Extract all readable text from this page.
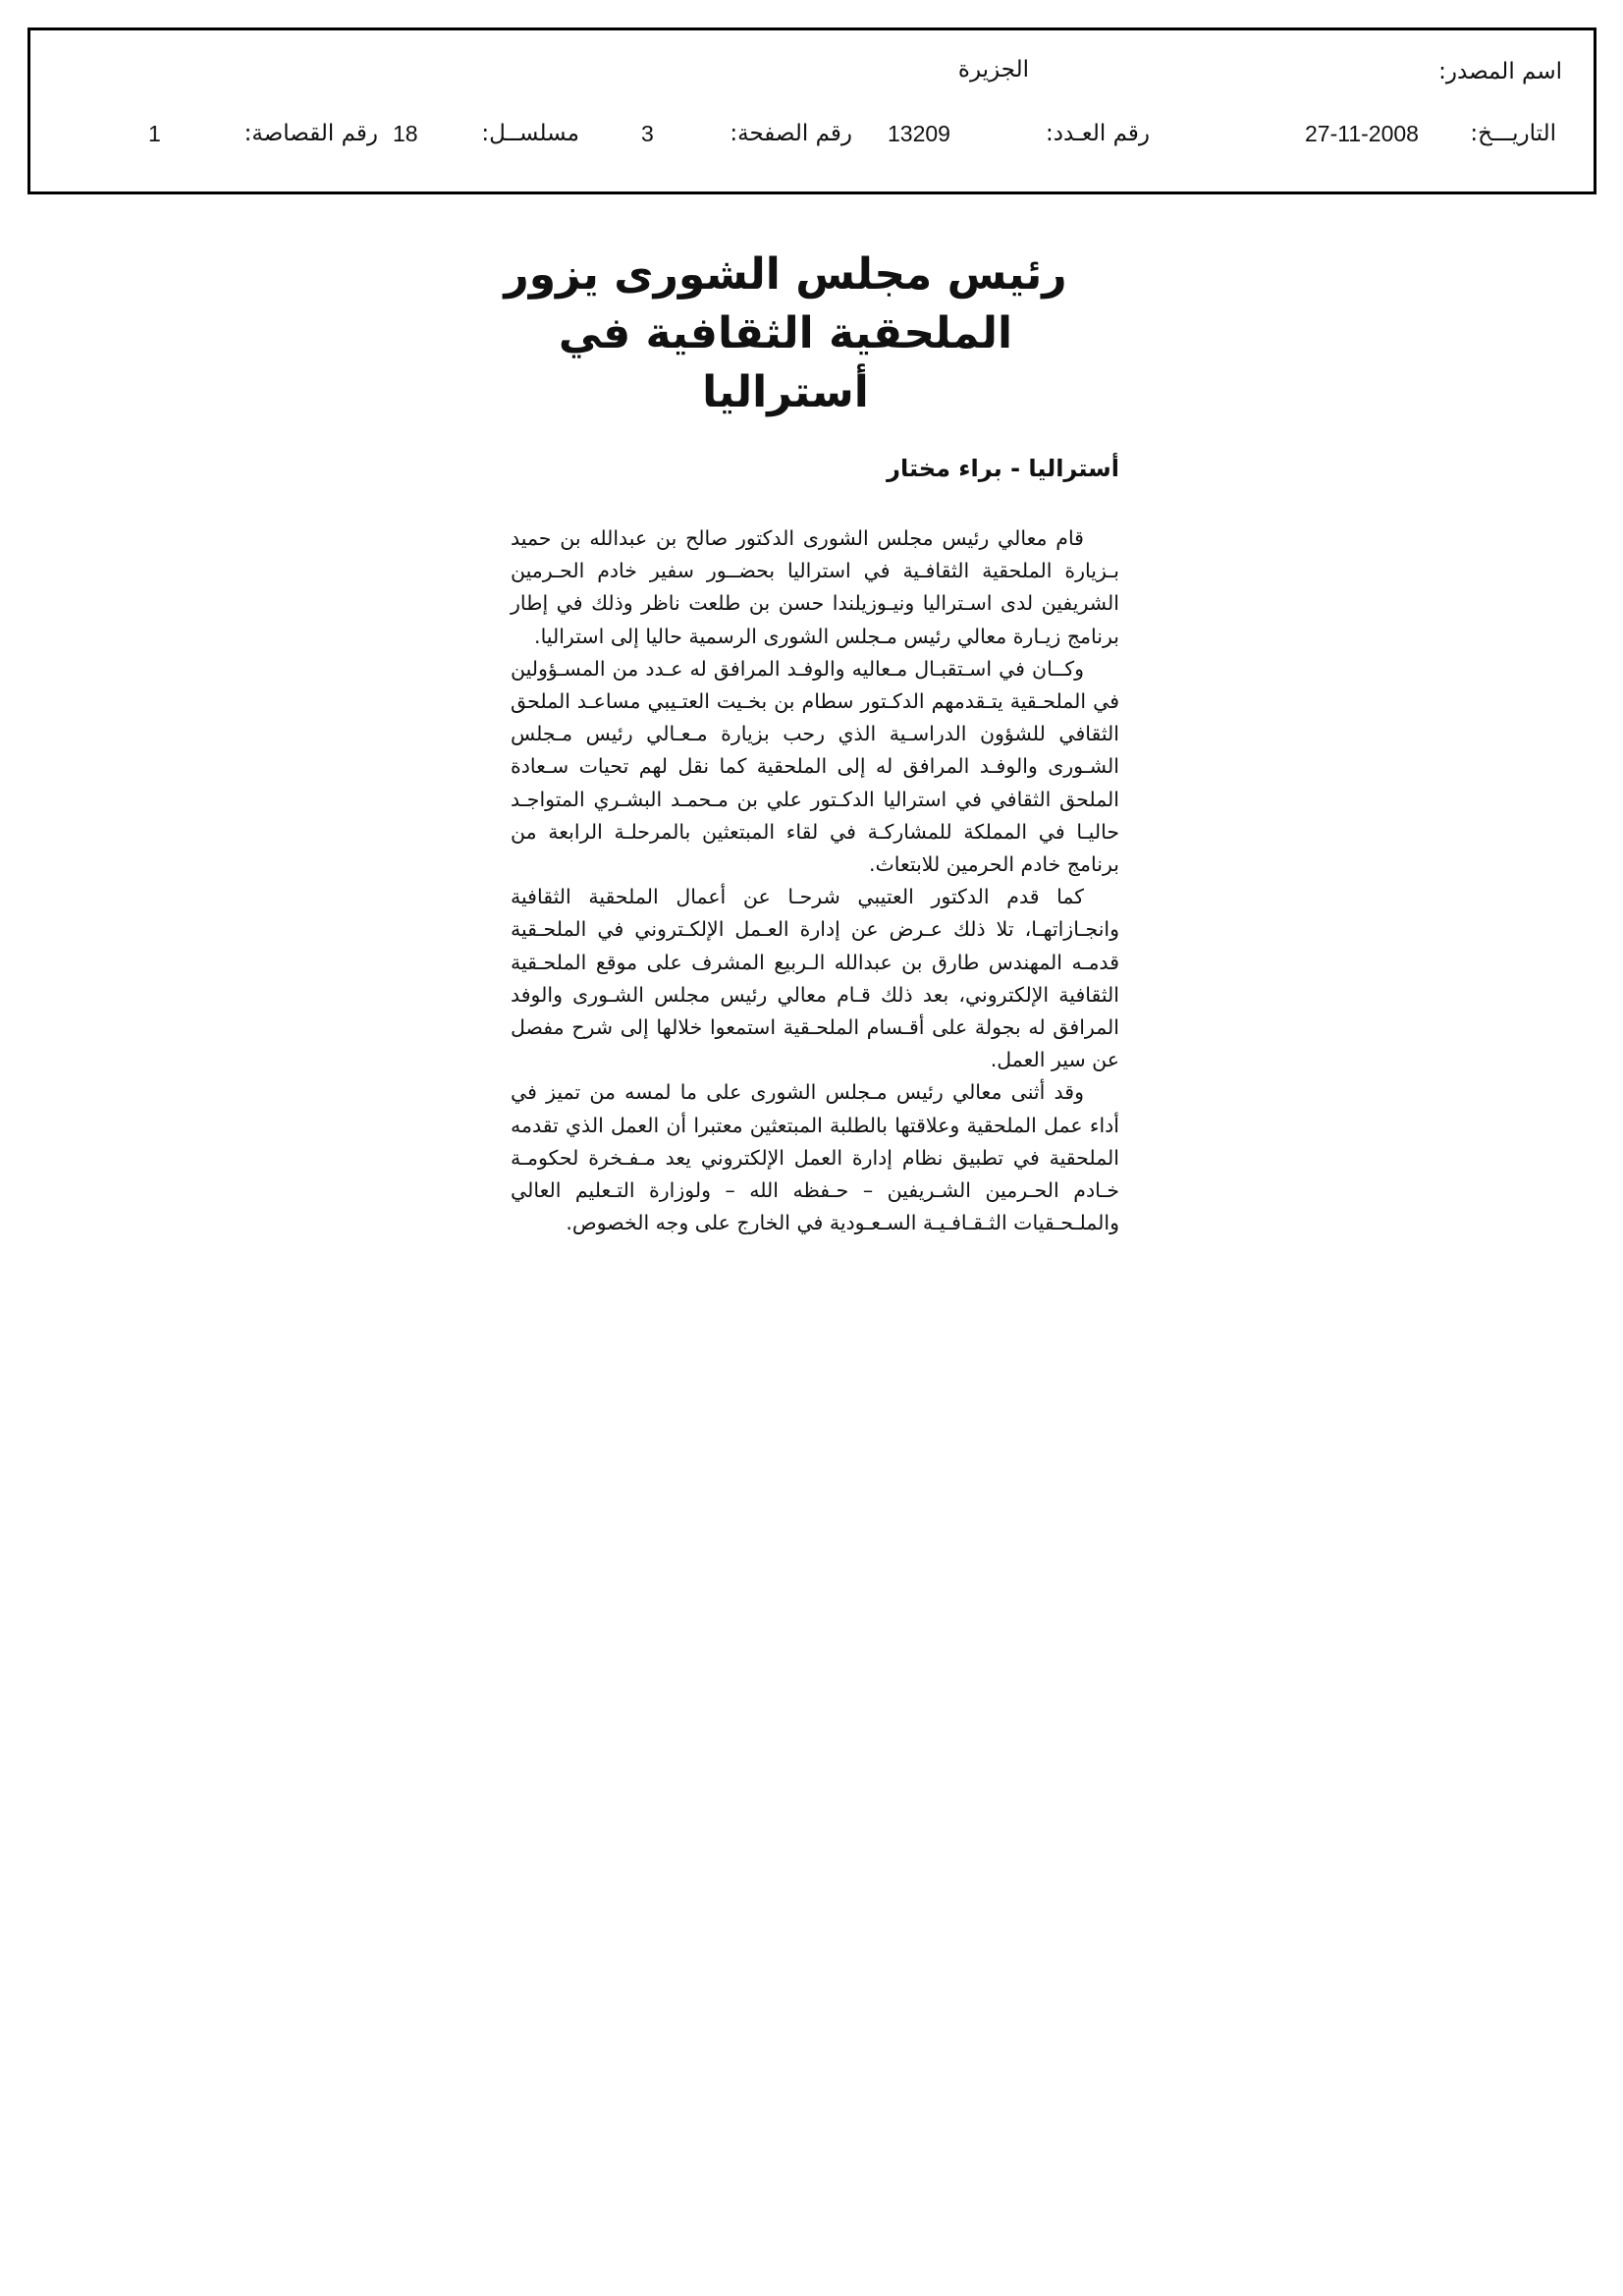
اسم المصدر:
الجزيرة
التاريـــخ:
27-11-2008
رقم العـدد:
13209
رقم الصفحة:
3
مسلســل:
18
رقم القصاصة:
1
رئيس مجلس الشورى يزور
الملحقية الثقافية في أستراليا
أستراليا - براء مختار

قام معالي رئيس مجلس الشورى الدكتور صالح بن عبدالله بن حميد بـزيارة الملحقية الثقافـية في استراليا بحضــور سفير خادم الحـرمين الشريفين لدى اسـتراليا ونيـوزيلندا حسن بن طلعت ناظر وذلك في إطار برنامج زيـارة معالي رئيس مـجلس الشورى الرسمية حاليا إلى استراليا.

وكــان في اسـتقبـال مـعاليه والوفـد المرافق له عـدد من المسـؤولين في الملحـقية يتـقدمهم الدكـتور سطام بن بخـيت العتـيبي مساعـد الملحق الثقافي للشؤون الدراسـية الذي رحب بزيارة مـعـالي رئيس مـجلس الشـورى والوفـد المرافق له إلى الملحقية كما نقل لهم تحيات سـعادة الملحق الثقافي في استراليا الدكـتور علي بن مـحمـد البشـري المتواجـد حاليـا في المملكة للمشاركـة في لقاء المبتعثين بالمرحلـة الرابعة من برنامج خادم الحرمين للابتعاث.

كما قدم الدكتور العتيبي شرحـا عن أعمال الملحقية الثقافية وانجـازاتهـا، تلا ذلك عـرض عن إدارة العـمل الإلكـتروني في الملحـقية قدمـه المهندس طارق بن عبدالله الـربيع المشرف على موقع الملحـقية الثقافية الإلكتروني، بعد ذلك قـام معالي رئيس مجلس الشـورى والوفد المرافق له بجولة على أقـسام الملحـقية استمعوا خلالها إلى شرح مفصل عن سير العمل.

وقد أثنى معالي رئيس مـجلس الشورى على ما لمسه من تميز في أداء عمل الملحقية وعلاقتها بالطلبة المبتعثين معتبرا أن العمل الذي تقدمه الملحقية في تطبيق نظام إدارة العمل الإلكتروني يعد مـفـخرة لحكومـة خـادم الحـرمين الشـريفين – حـفظه الله – ولوزارة التـعليم العالي والملـحـقيات الثـقـافـيـة السـعـودية في الخارج على وجه الخصوص.
